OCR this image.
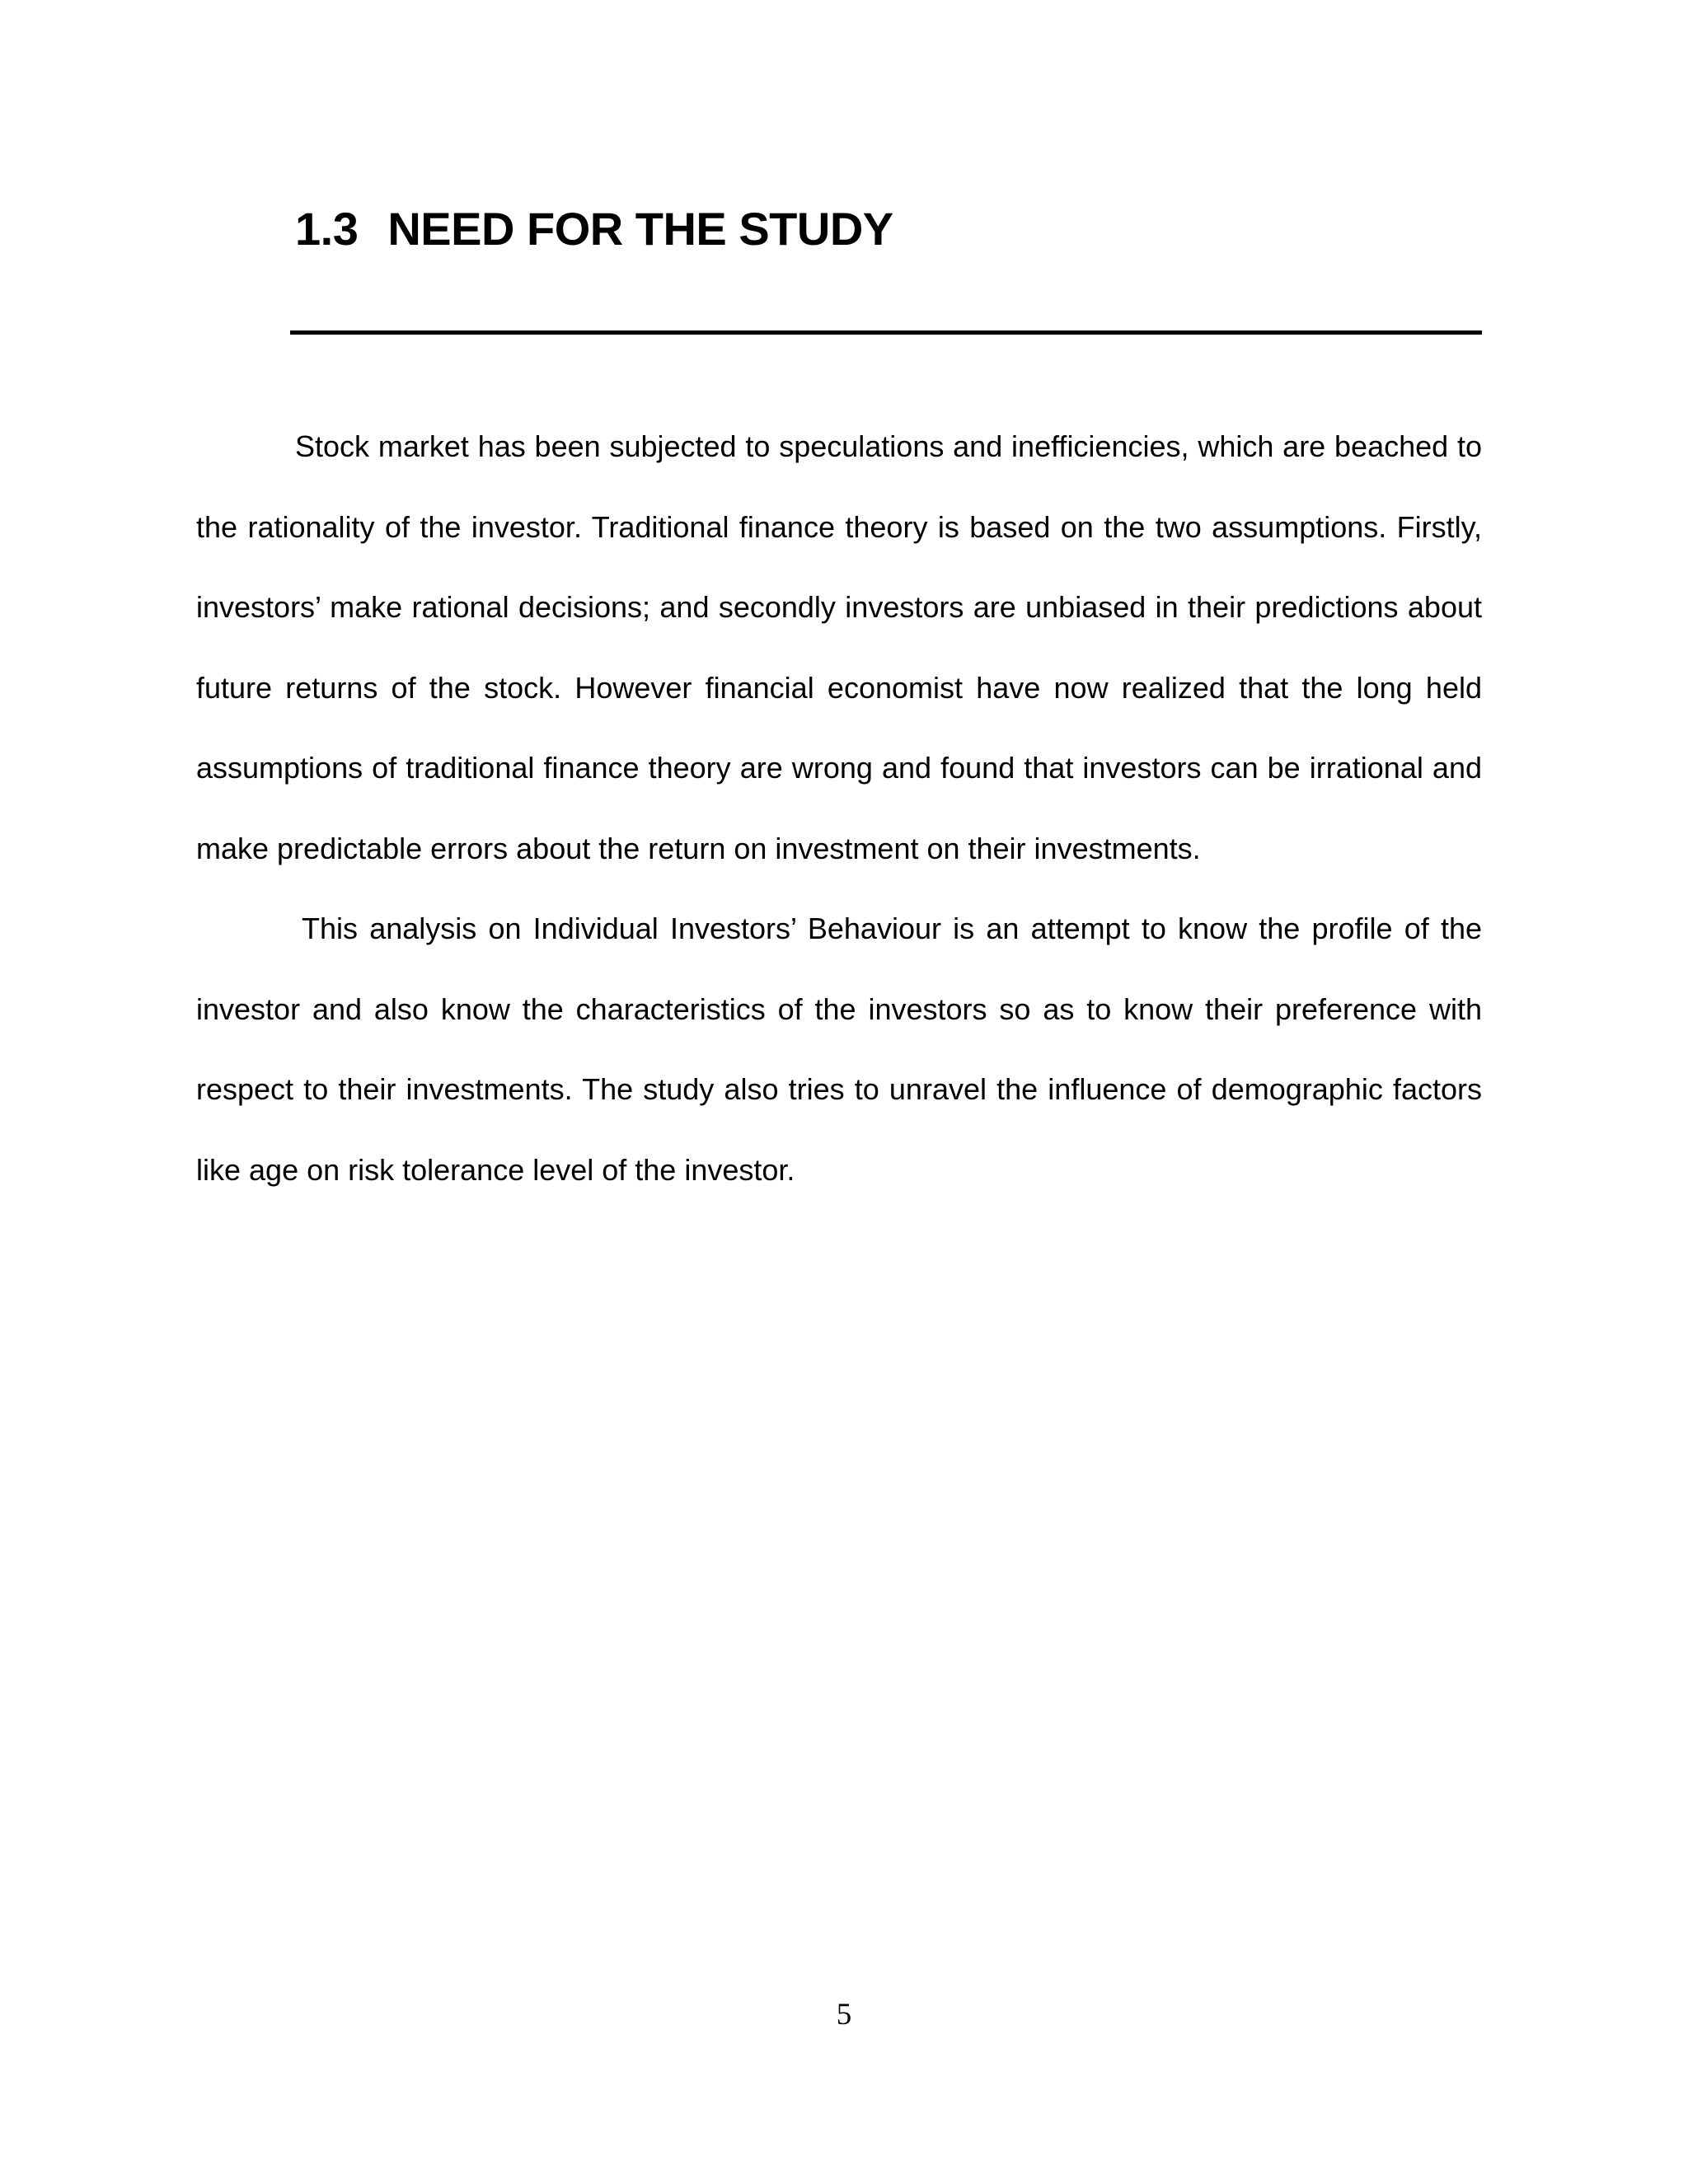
1.3 NEED FOR THE STUDY

Stock market has been subjected to speculations and inefficiencies, which are beached to the rationality of the investor. Traditional finance theory is based on the two assumptions. Firstly, investors’ make rational decisions; and secondly investors are unbiased in their predictions about future returns of the stock. However financial economist have now realized that the long held assumptions of traditional finance theory are wrong and found that investors can be irrational and make predictable errors about the return on investment on their investments.

This analysis on Individual Investors’ Behaviour is an attempt to know the profile of the investor and also know the characteristics of the investors so as to know their preference with respect to their investments. The study also tries to unravel the influence of demographic factors like age on risk tolerance level of the investor.

5
